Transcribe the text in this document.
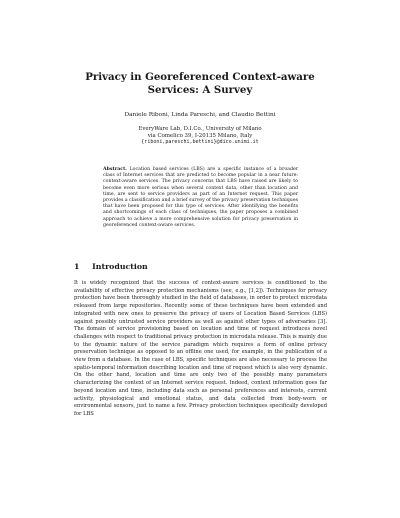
Privacy in Georeferenced Context-aware
Services: A Survey
Daniele Riboni, Linda Pareschi, and Claudio Bettini
EveryWare Lab, D.I.Co., University of Milano
via Comelico 39, I-20135 Milano, Italy
{riboni,pareschi,bettini}@dico.unimi.it
Abstract. Location based services (LBS) are a specific instance of a broader class of Internet services that are predicted to become popular in a near future: context-aware services. The privacy concerns that LBS have raised are likely to become even more serious when several context data, other than location and time, are sent to service providers as part of an Internet request. This paper provides a classification and a brief survey of the privacy preservation techniques that have been proposed for this type of services. After identifying the benefits and shortcomings of each class of techniques, the paper proposes a combined approach to achieve a more comprehensive solution for privacy preservation in georeferenced context-aware services.
1 Introduction
It is widely recognized that the success of context-aware services is conditioned to the availability of effective privacy protection mechanisms (see, e.g., [1,2]). Techniques for privacy protection have been thoroughly studied in the field of databases, in order to protect microdata released from large repositories. Recently some of these techniques have been extended and integrated with new ones to preserve the privacy of users of Location Based Services (LBS) against possibly untrusted service providers as well as against other types of adversaries [3]. The domain of service provisioning based on location and time of request introduces novel challenges with respect to traditional privacy protection in microdata release. This is mainly due to the dynamic nature of the service paradigm which requires a form of online privacy preservation technique as opposed to an offline one used, for example, in the publication of a view from a database. In the case of LBS, specific techniques are also necessary to process the spatio-temporal information describing location and time of request which is also very dynamic. On the other hand, location and time are only two of the possibly many parameters characterizing the context of an Internet service request. Indeed, context information goes far beyond location and time, including data such as personal preferences and interests, current activity, physiological and emotional status, and data collected from body-worn or environmental sensors, just to name a few. Privacy protection techniques specifically developed for LBS
